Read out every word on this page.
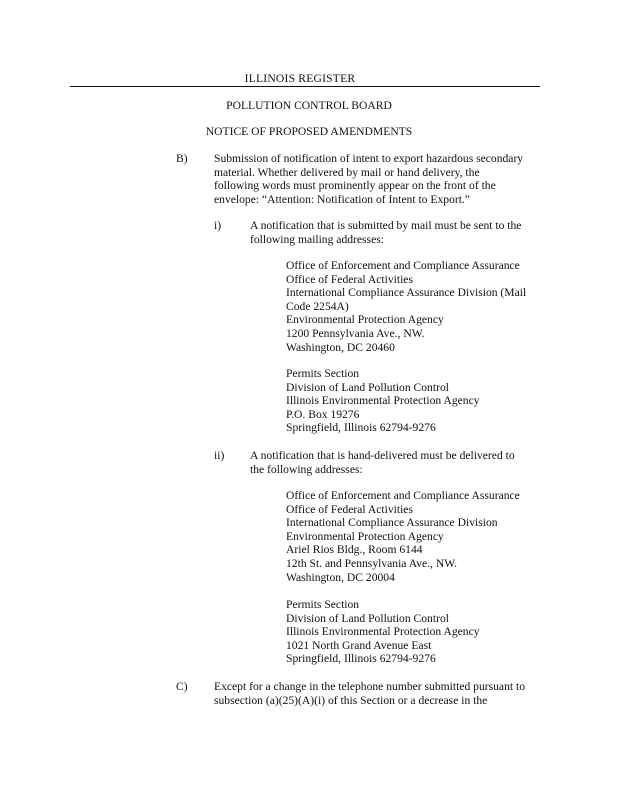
ILLINOIS REGISTER
POLLUTION CONTROL BOARD
NOTICE OF PROPOSED AMENDMENTS
B) Submission of notification of intent to export hazardous secondary
material. Whether delivered by mail or hand delivery, the
following words must prominently appear on the front of the
envelope: “Attention: Notification of Intent to Export.”
i) A notification that is submitted by mail must be sent to the
following mailing addresses:
Office of Enforcement and Compliance Assurance
Office of Federal Activities
International Compliance Assurance Division (Mail
Code 2254A)
Environmental Protection Agency
1200 Pennsylvania Ave., NW.
Washington, DC 20460
Permits Section
Division of Land Pollution Control
Illinois Environmental Protection Agency
P.O. Box 19276
Springfield, Illinois 62794-9276
ii) A notification that is hand-delivered must be delivered to
the following addresses:
Office of Enforcement and Compliance Assurance
Office of Federal Activities
International Compliance Assurance Division
Environmental Protection Agency
Ariel Rios Bldg., Room 6144
12th St. and Pennsylvania Ave., NW.
Washington, DC 20004
Permits Section
Division of Land Pollution Control
Illinois Environmental Protection Agency
1021 North Grand Avenue East
Springfield, Illinois 62794-9276
C) Except for a change in the telephone number submitted pursuant to
subsection (a)(25)(A)(i) of this Section or a decrease in the
